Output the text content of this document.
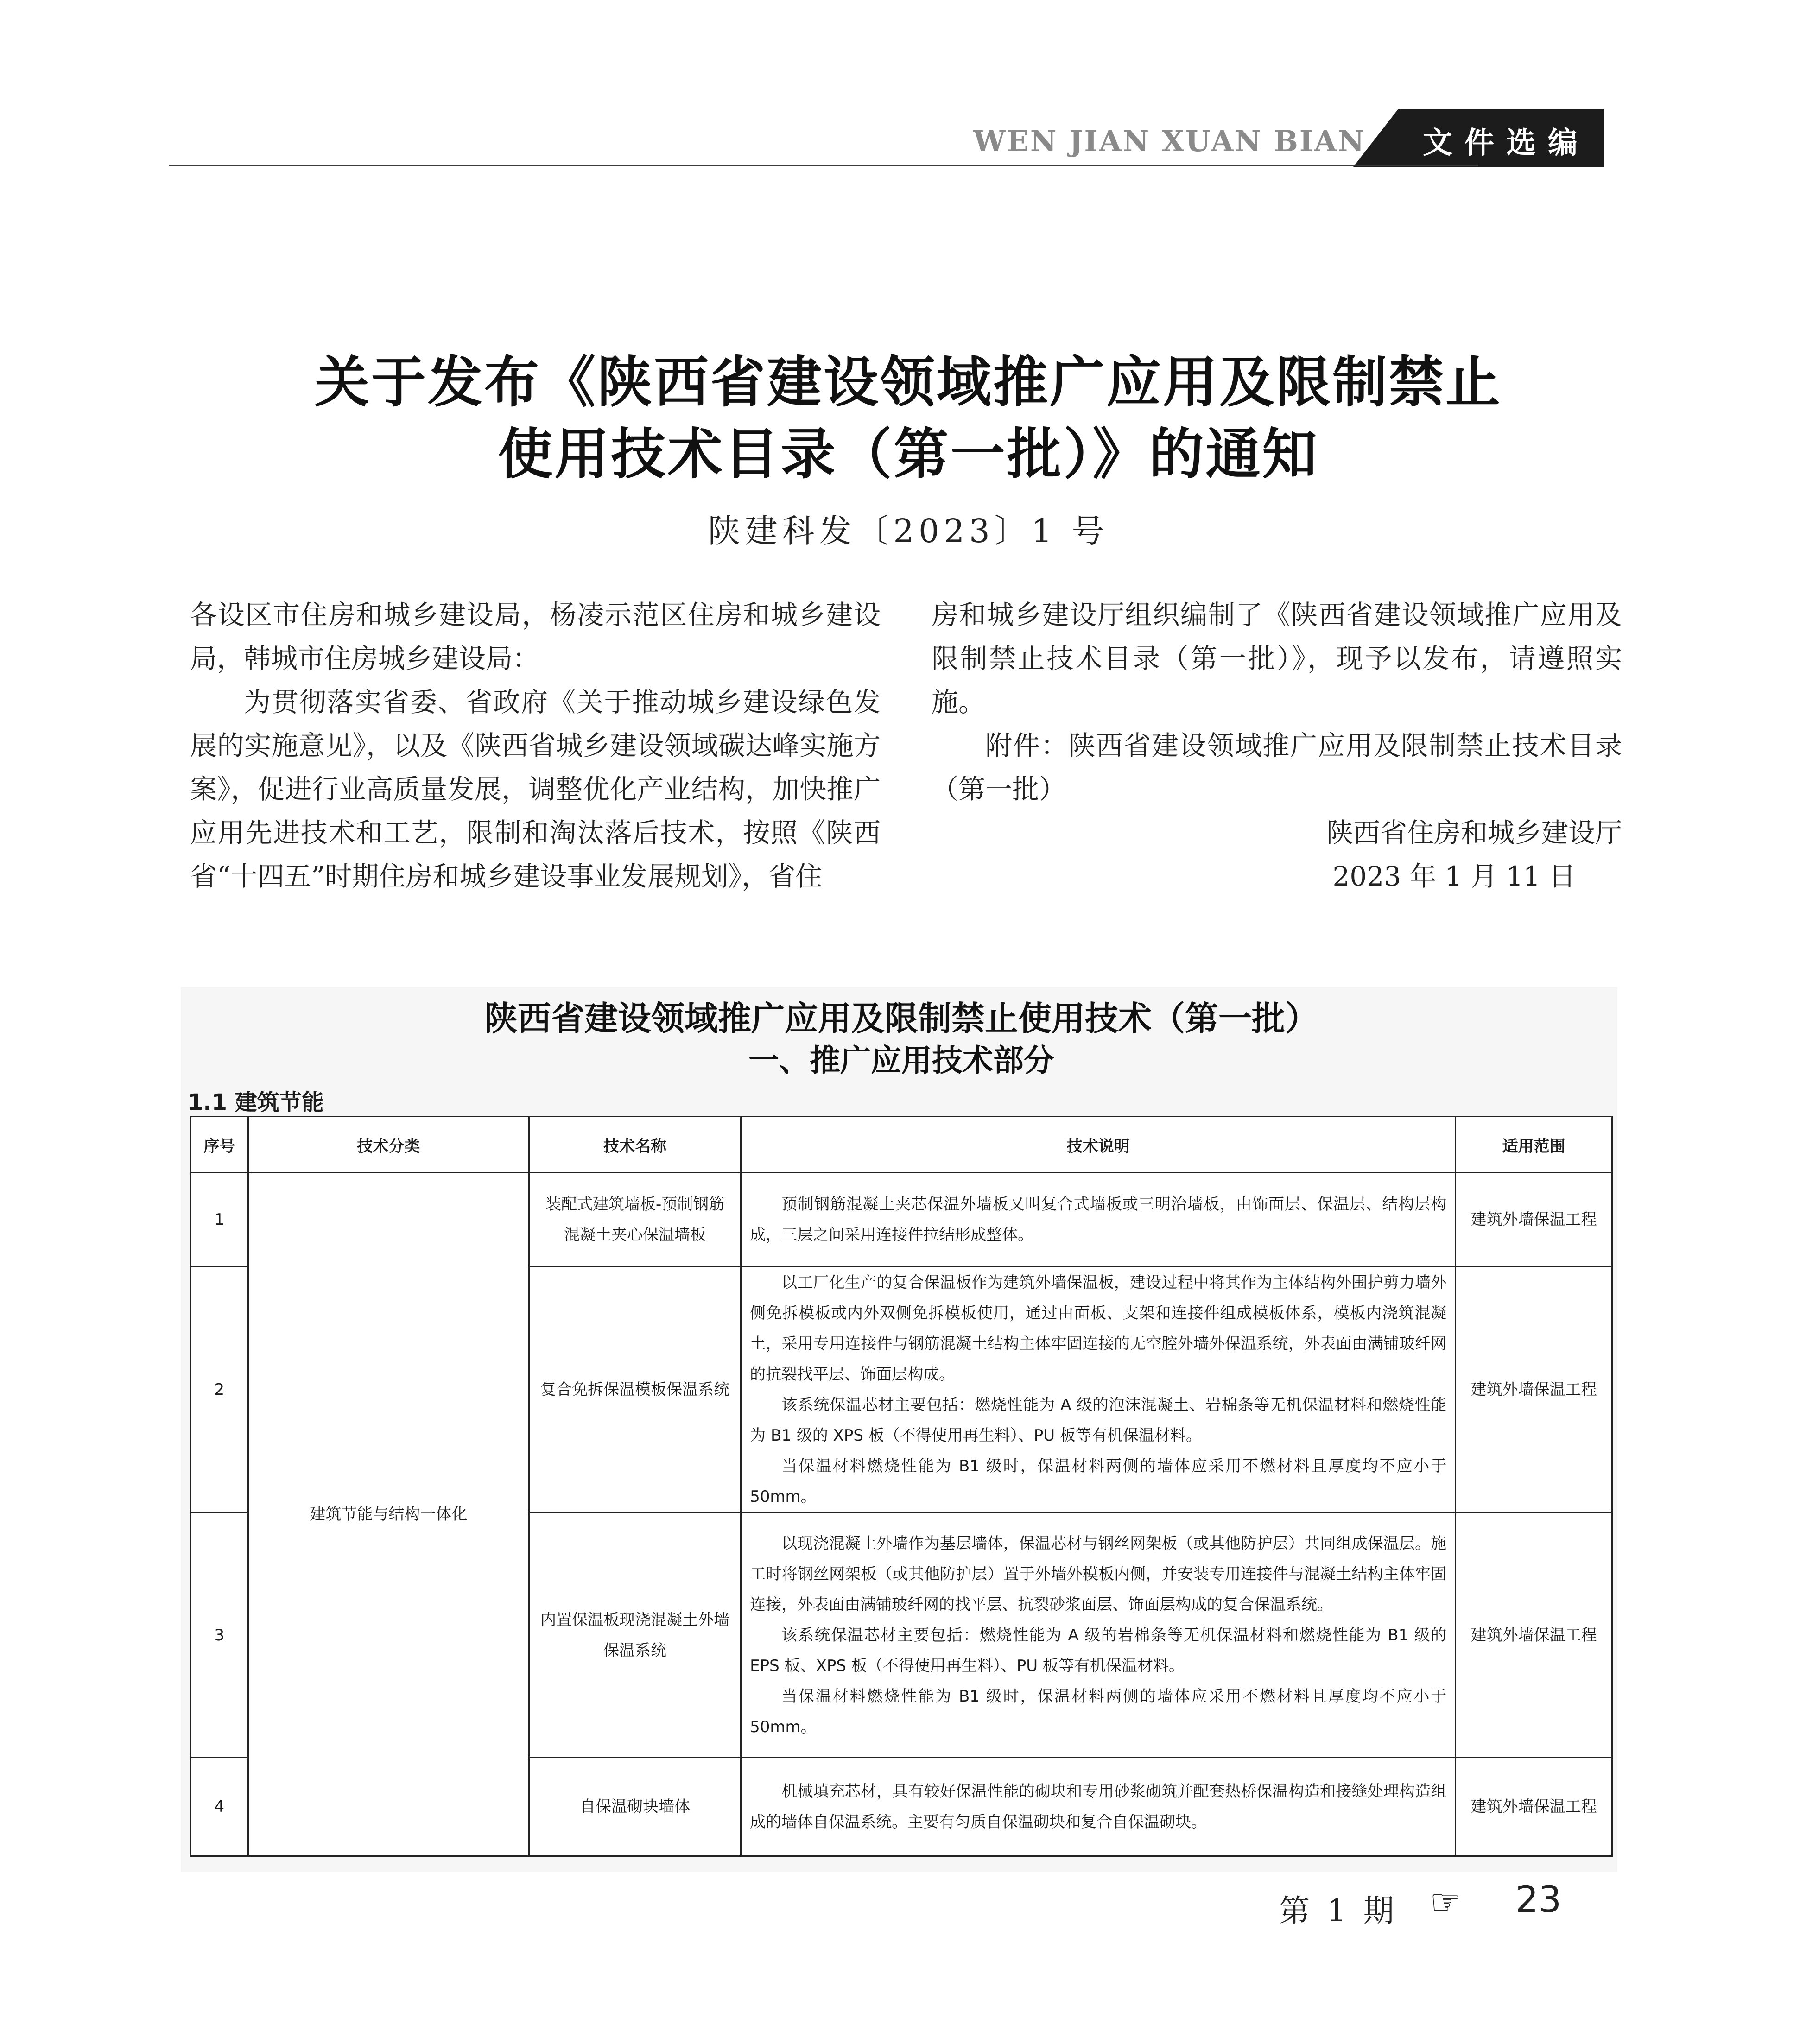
WEN JIAN XUAN BIAN 文件选编
关于发布《陕西省建设领域推广应用及限制禁止
使用技术目录（第一批）》的通知
陕建科发〔2023〕1 号

各设区市住房和城乡建设局，杨凌示范区住房和城乡建设局，韩城市住房城乡建设局：

为贯彻落实省委、省政府《关于推动城乡建设绿色发展的实施意见》，以及《陕西省城乡建设领域碳达峰实施方案》，促进行业高质量发展，调整优化产业结构，加快推广应用先进技术和工艺，限制和淘汰落后技术，按照《陕西省“十四五”时期住房和城乡建设事业发展规划》，省住

房和城乡建设厅组织编制了《陕西省建设领域推广应用及限制禁止技术目录（第一批）》，现予以发布，请遵照实施。

附件：陕西省建设领域推广应用及限制禁止技术目录（第一批）

陕西省住房和城乡建设厅

2023 年 1 月 11 日

陕西省建设领域推广应用及限制禁止使用技术（第一批）
一、推广应用技术部分
1.1 建筑节能
序号	技术分类	技术名称	技术说明	适用范围
1	建筑节能与结构一体化	装配式建筑墙板-预制钢筋混凝土夹心保温墙板	预制钢筋混凝土夹芯保温外墙板又叫复合式墙板或三明治墙板，由饰面层、保温层、结构层构成，三层之间采用连接件拉结形成整体。	建筑外墙保温工程
2		复合免拆保温模板保温系统	以工厂化生产的复合保温板作为建筑外墙保温板，建设过程中将其作为主体结构外围护剪力墙外侧免拆模板或内外双侧免拆模板使用，通过由面板、支架和连接件组成模板体系，模板内浇筑混凝土，采用专用连接件与钢筋混凝土结构主体牢固连接的无空腔外墙外保温系统，外表面由满铺玻纤网的抗裂找平层、饰面层构成。

该系统保温芯材主要包括：燃烧性能为 A 级的泡沫混凝土、岩棉条等无机保温材料和燃烧性能为 B1 级的 XPS 板（不得使用再生料）、PU 板等有机保温材料。

当保温材料燃烧性能为 B1 级时，保温材料两侧的墙体应采用不燃材料且厚度均不应小于 50mm。	建筑外墙保温工程
3		内置保温板现浇混凝土外墙保温系统	以现浇混凝土外墙作为基层墙体，保温芯材与钢丝网架板（或其他防护层）共同组成保温层。施工时将钢丝网架板（或其他防护层）置于外墙外模板内侧，并安装专用连接件与混凝土结构主体牢固连接，外表面由满铺玻纤网的找平层、抗裂砂浆面层、饰面层构成的复合保温系统。

该系统保温芯材主要包括：燃烧性能为 A 级的岩棉条等无机保温材料和燃烧性能为 B1 级的 EPS 板、XPS 板（不得使用再生料）、PU 板等有机保温材料。

当保温材料燃烧性能为 B1 级时，保温材料两侧的墙体应采用不燃材料且厚度均不应小于 50mm。	建筑外墙保温工程
4		自保温砌块墙体	机械填充芯材，具有较好保温性能的砌块和专用砂浆砌筑并配套热桥保温构造和接缝处理构造组成的墙体自保温系统。主要有匀质自保温砌块和复合自保温砌块。	建筑外墙保温工程
第 1 期 ☞ 23
